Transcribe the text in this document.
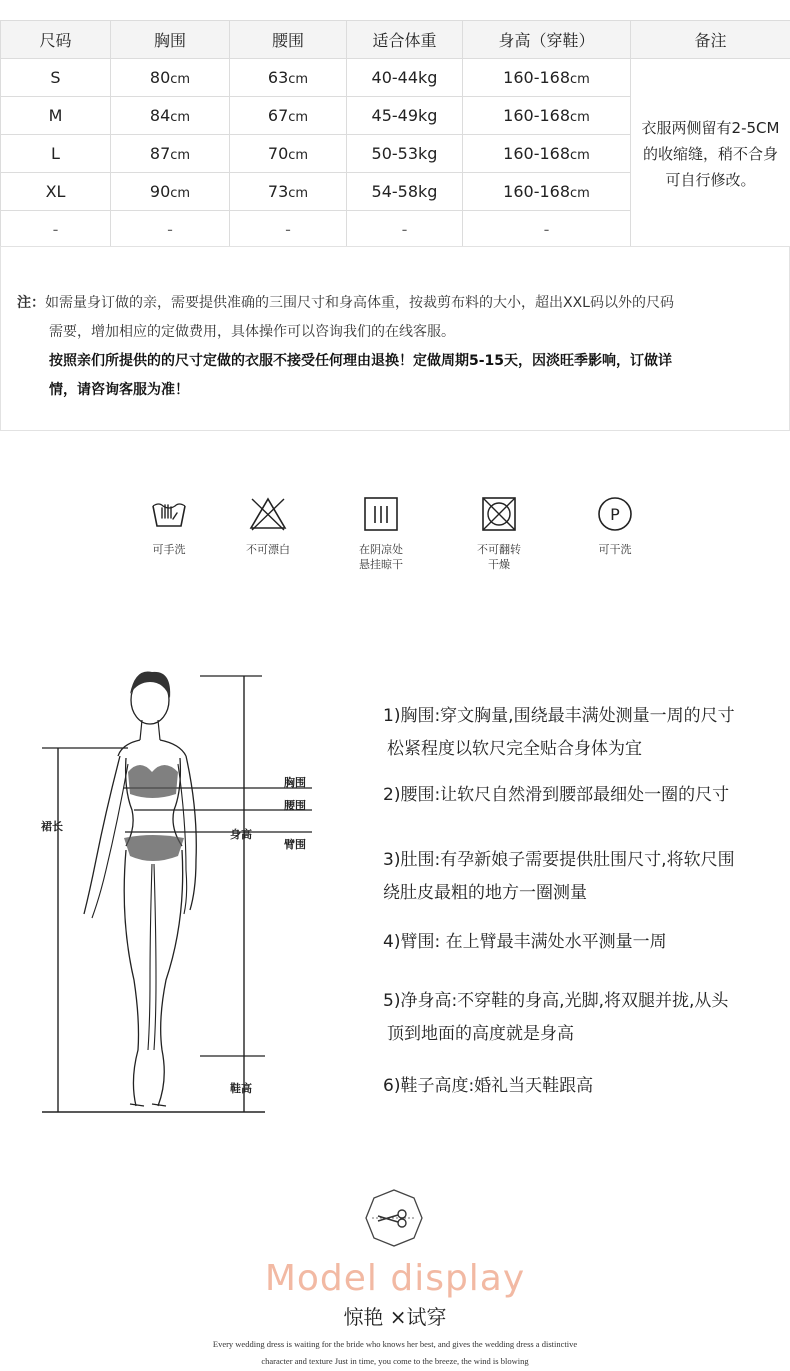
尺码	胸围	腰围	适合体重	身高（穿鞋）	备注
S	80cm	63cm	40-44kg	160-168cm	衣服两侧留有2-5CM
的收缩缝，稍不合身
可自行修改。
M	84cm	67cm	45-49kg	160-168cm	
L	87cm	70cm	50-53kg	160-168cm	
XL	90cm	73cm	54-58kg	160-168cm	
-	-	-	-	-	
注：如需量身订做的亲，需要提供准确的三围尺寸和身高体重，按裁剪布料的大小，超出XXL码以外的尺码

需要，增加相应的定做费用，具体操作可以咨询我们的在线客服。
按照亲们所提供的的尺寸定做的衣服不接受任何理由退换！定做周期5-15天，因淡旺季影响，订做详
情，请咨询客服为准！
可手洗	不可漂白	在阴凉处
悬挂晾干
不可翻转
干燥
P
可干洗
裙长
身高
胸围
腰围
臂围
鞋高
1)胸围:穿文胸量,围绕最丰满处测量一周的尺寸
松紧程度以软尺完全贴合身体为宜
2)腰围:让软尺自然滑到腰部最细处一圈的尺寸
3)肚围:有孕新娘子需要提供肚围尺寸,将软尺围
绕肚皮最粗的地方一圈测量
4)臂围: 在上臂最丰满处水平测量一周
5)净身高:不穿鞋的身高,光脚,将双腿并拢,从头
顶到地面的高度就是身高
6)鞋子高度:婚礼当天鞋跟高
Model display
惊艳 ×试穿
Every wedding dress is waiting for the bride who knows her best, and gives the wedding dress a distinctive
character and texture Just in time, you come to the breeze, the wind is blowing
